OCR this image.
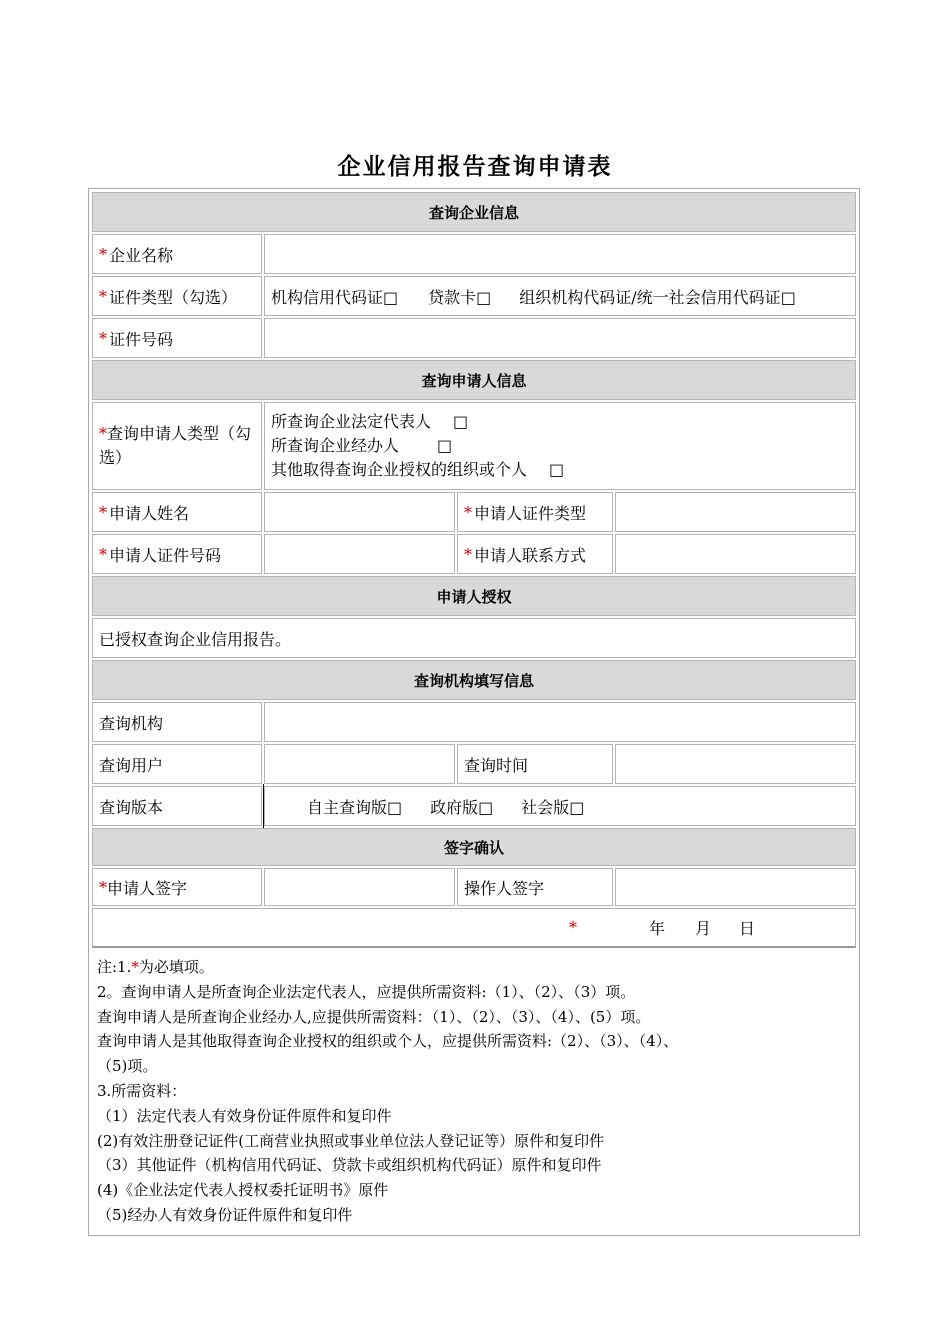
企业信用报告查询申请表
查询企业信息
* 企业名称
* 证件类型（勾选） 机构信用代码证□ 贷款卡□ 组织机构代码证/统一社会信用代码证□
* 证件号码
查询申请人信息
*查询申请人类型（勾选）
所查询企业法定代表人 □
所查询企业经办人 □
其他取得查询企业授权的组织或个人 □
* 申请人姓名	* 申请人证件类型
* 申请人证件号码	* 申请人联系方式
申请人授权
已授权查询企业信用报告。
查询机构填写信息
查询机构
查询用户	查询时间
查询版本	自主查询版□ 政府版□ 社会版□
签字确认
* 申请人签字	操作人签字
*	年 月 日
注:1.*为必填项。
2。查询申请人是所查询企业法定代表人，应提供所需资料:（1）、（2）、（3）项。
查询申请人是所查询企业经办人,应提供所需资料：（1）、（2）、（3）、（4）、(5）项。
查询申请人是其他取得查询企业授权的组织或个人，应提供所需资料:（2）、（3）、（4）、
（5)项。
3.所需资料：
（1）法定代表人有效身份证件原件和复印件
(2)有效注册登记证件(工商营业执照或事业单位法人登记证等）原件和复印件
（3）其他证件（机构信用代码证、贷款卡或组织机构代码证）原件和复印件
(4)《企业法定代表人授权委托证明书》原件
（5)经办人有效身份证件原件和复印件
